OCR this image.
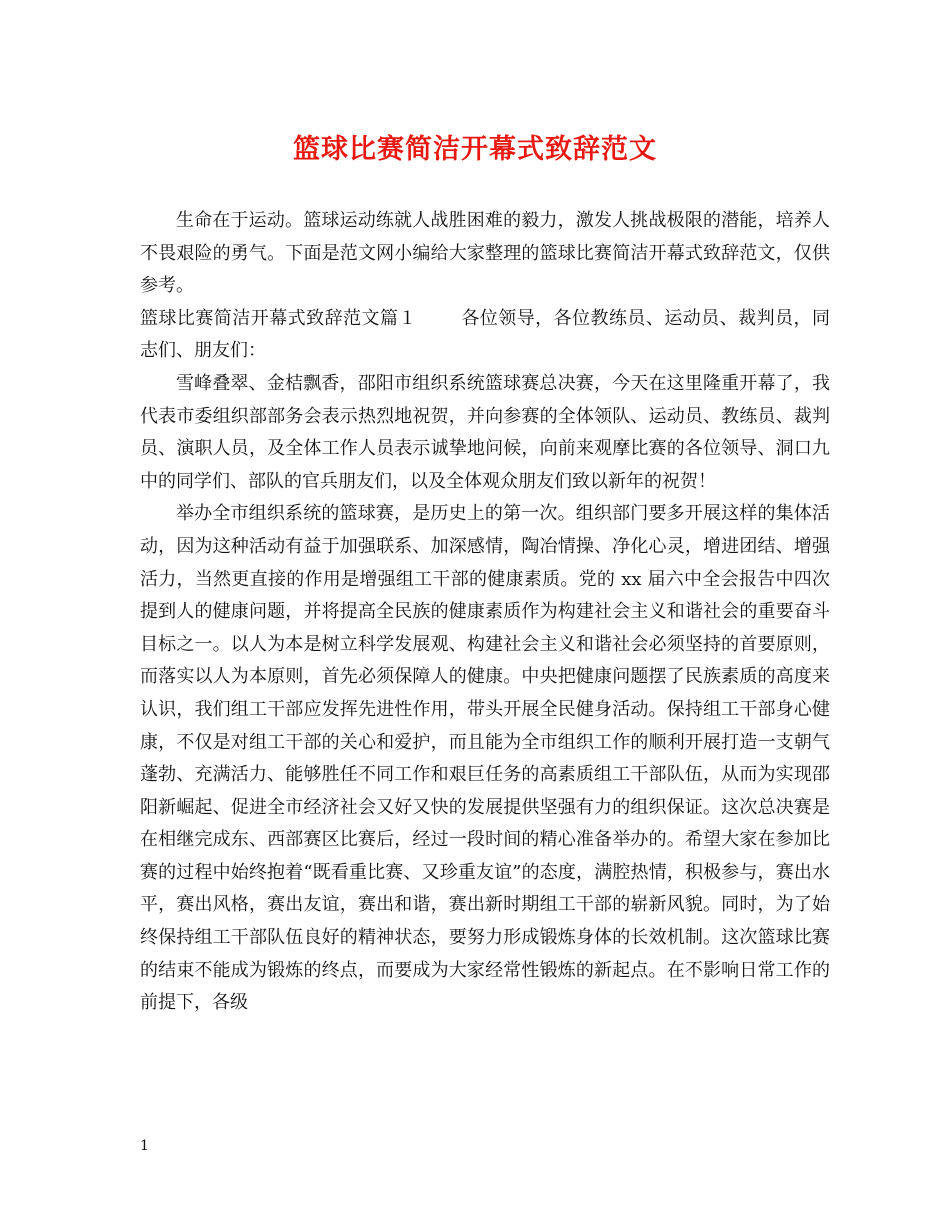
篮球比赛简洁开幕式致辞范文

生命在于运动。篮球运动练就人战胜困难的毅力，激发人挑战极限的潜能，培养人不畏艰险的勇气。下面是范文网小编给大家整理的篮球比赛简洁开幕式致辞范文，仅供参考。

篮球比赛简洁开幕式致辞范文篇１ 各位领导，各位教练员、运动员、裁判员，同志们、朋友们：

雪峰叠翠、金桔飘香，邵阳市组织系统篮球赛总决赛，今天在这里隆重开幕了，我代表市委组织部部务会表示热烈地祝贺，并向参赛的全体领队、运动员、教练员、裁判员、演职人员，及全体工作人员表示诚挚地问候，向前来观摩比赛的各位领导、洞口九中的同学们、部队的官兵朋友们，以及全体观众朋友们致以新年的祝贺！

举办全市组织系统的篮球赛，是历史上的第一次。组织部门要多开展这样的集体活动，因为这种活动有益于加强联系、加深感情，陶冶情操、净化心灵，增进团结、增强活力，当然更直接的作用是增强组工干部的健康素质。党的 xx 届六中全会报告中四次提到人的健康问题，并将提高全民族的健康素质作为构建社会主义和谐社会的重要奋斗目标之一。以人为本是树立科学发展观、构建社会主义和谐社会必须坚持的首要原则，而落实以人为本原则，首先必须保障人的健康。中央把健康问题摆了民族素质的高度来认识，我们组工干部应发挥先进性作用，带头开展全民健身活动。保持组工干部身心健康，不仅是对组工干部的关心和爱护，而且能为全市组织工作的顺利开展打造一支朝气蓬勃、充满活力、能够胜任不同工作和艰巨任务的高素质组工干部队伍，从而为实现邵阳新崛起、促进全市经济社会又好又快的发展提供坚强有力的组织保证。这次总决赛是在相继完成东、西部赛区比赛后，经过一段时间的精心准备举办的。希望大家在参加比赛的过程中始终抱着“既看重比赛、又珍重友谊”的态度，满腔热情，积极参与，赛出水平，赛出风格，赛出友谊，赛出和谐，赛出新时期组工干部的崭新风貌。同时，为了始终保持组工干部队伍良好的精神状态，要努力形成锻炼身体的长效机制。这次篮球比赛的结束不能成为锻炼的终点，而要成为大家经常性锻炼的新起点。在不影响日常工作的前提下，各级

1
